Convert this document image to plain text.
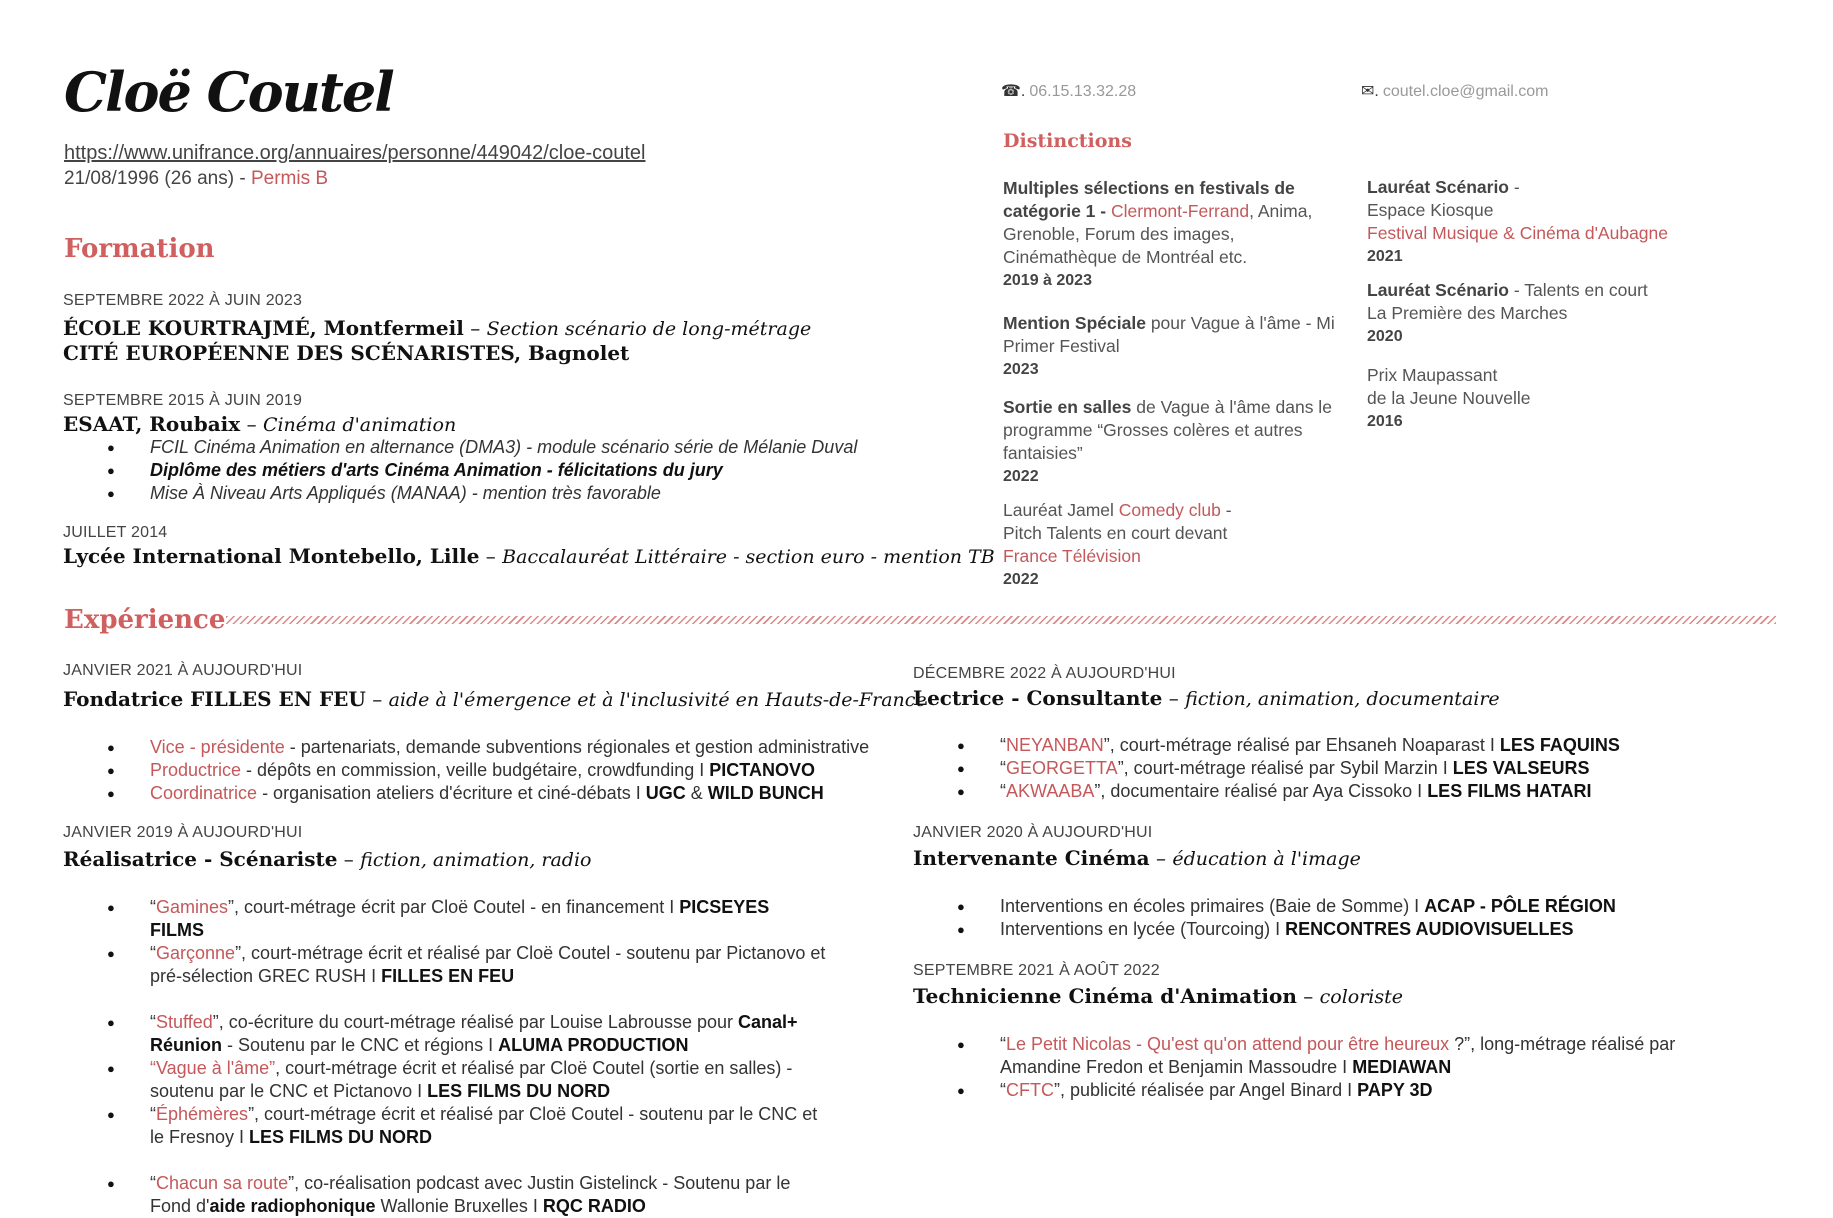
Cloë Coutel
https://www.unifrance.org/annuaires/personne/449042/cloe-coutel
21/08/1996 (26 ans) - Permis B
☎. 06.15.13.32.28	✉. coutel.cloe@gmail.com
Formation
SEPTEMBRE 2022 À JUIN 2023
ÉCOLE KOURTRAJMÉ, Montfermeil – Section scénario de long-métrage
CITÉ EUROPÉENNE DES SCÉNARISTES, Bagnolet
SEPTEMBRE 2015 À JUIN 2019
ESAAT, Roubaix – Cinéma d'animation
● FCIL Cinéma Animation en alternance (DMA3) - module scénario série de Mélanie Duval
● Diplôme des métiers d'arts Cinéma Animation - félicitations du jury
● Mise À Niveau Arts Appliqués (MANAA) - mention très favorable
JUILLET 2014
Lycée International Montebello, Lille – Baccalauréat Littéraire - section euro - mention TB
Distinctions
Multiples sélections en festivals de catégorie 1 - Clermont-Ferrand, Anima, Grenoble, Forum des images, Cinémathèque de Montréal etc.
2019 à 2023
Mention Spéciale pour Vague à l'âme - Mi Primer Festival
2023
Sortie en salles de Vague à l'âme dans le programme “Grosses colères et autres fantaisies”
2022
Lauréat Jamel Comedy club - Pitch Talents en court devant France Télévision
2022
Lauréat Scénario -
Espace Kiosque
Festival Musique & Cinéma d'Aubagne
2021
Lauréat Scénario - Talents en court
La Première des Marches
2020
Prix Maupassant
de la Jeune Nouvelle
2016
Expérience
JANVIER 2021 À AUJOURD'HUI
Fondatrice FILLES EN FEU – aide à l'émergence et à l'inclusivité en Hauts-de-France
● Vice - présidente - partenariats, demande subventions régionales et gestion administrative
● Productrice - dépôts en commission, veille budgétaire, crowdfunding I PICTANOVO
● Coordinatrice - organisation ateliers d'écriture et ciné-débats I UGC & WILD BUNCH
JANVIER 2019 À AUJOURD'HUI
Réalisatrice - Scénariste – fiction, animation, radio
● “Gamines”, court-métrage écrit par Cloë Coutel - en financement I PICSEYES FILMS
● “Garçonne”, court-métrage écrit et réalisé par Cloë Coutel - soutenu par Pictanovo et pré-sélection GREC RUSH I FILLES EN FEU
● “Stuffed”, co-écriture du court-métrage réalisé par Louise Labrousse pour Canal+ Réunion - Soutenu par le CNC et régions I ALUMA PRODUCTION
● “Vague à l'âme”, court-métrage écrit et réalisé par Cloë Coutel (sortie en salles) - soutenu par le CNC et Pictanovo I LES FILMS DU NORD
● “Éphémères”, court-métrage écrit et réalisé par Cloë Coutel - soutenu par le CNC et le Fresnoy I LES FILMS DU NORD
● “Chacun sa route”, co-réalisation podcast avec Justin Gistelinck - Soutenu par le Fond d'aide radiophonique Wallonie Bruxelles I RQC RADIO
DÉCEMBRE 2022 À AUJOURD'HUI
Lectrice - Consultante – fiction, animation, documentaire
● “NEYANBAN”, court-métrage réalisé par Ehsaneh Noaparast I LES FAQUINS
● “GEORGETTA”, court-métrage réalisé par Sybil Marzin I LES VALSEURS
● “AKWAABA”, documentaire réalisé par Aya Cissoko I LES FILMS HATARI
JANVIER 2020 À AUJOURD'HUI
Intervenante Cinéma – éducation à l'image
● Interventions en écoles primaires (Baie de Somme) I ACAP - PÔLE RÉGION
● Interventions en lycée (Tourcoing) I RENCONTRES AUDIOVISUELLES
SEPTEMBRE 2021 À AOÛT 2022
Technicienne Cinéma d'Animation – coloriste
● “Le Petit Nicolas - Qu'est qu'on attend pour être heureux ?”, long-métrage réalisé par Amandine Fredon et Benjamin Massoudre I MEDIAWAN
● “CFTC”, publicité réalisée par Angel Binard I PAPY 3D
